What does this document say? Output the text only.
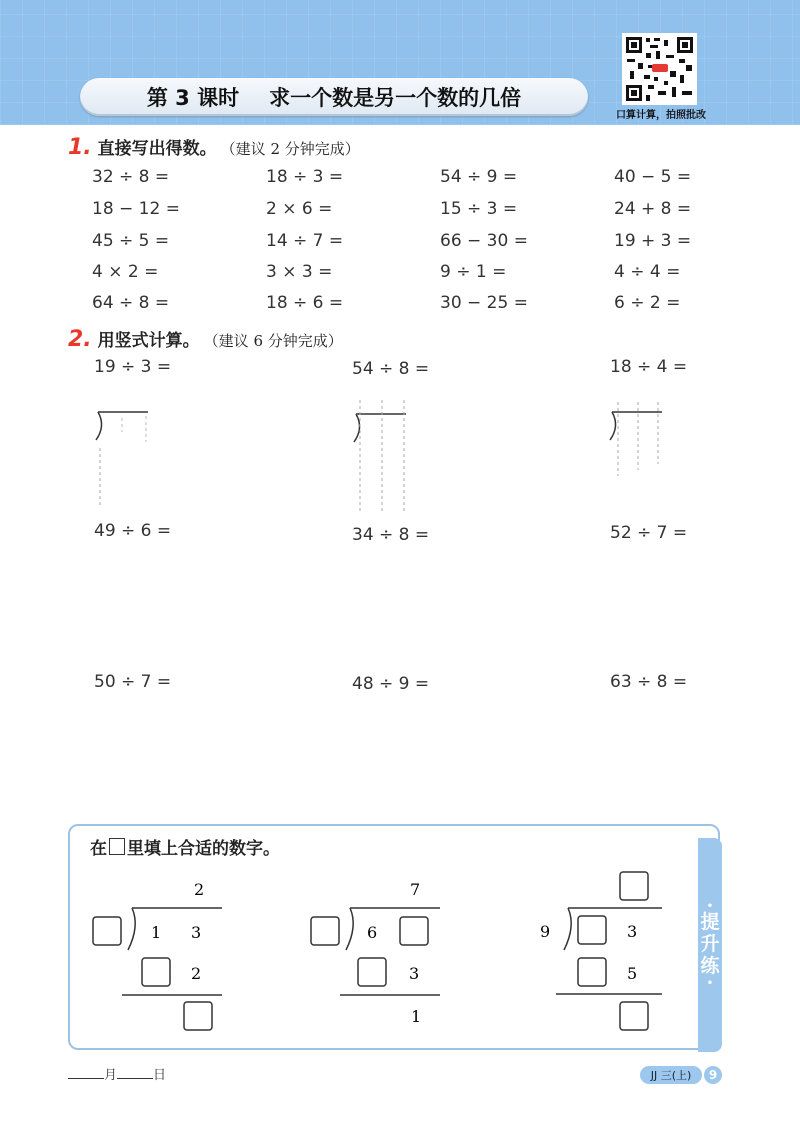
第 3 课时 求一个数是另一个数的几倍
口算计算，拍照批改
1. 直接写出得数。 （建议 2 分钟完成）
32 ÷ 8 =	18 ÷ 3 =	54 ÷ 9 =	40 − 5 =
18 − 12 =	2 × 6 =	15 ÷ 3 =	24 + 8 =
45 ÷ 5 =	14 ÷ 7 =	66 − 30 =	19 + 3 =
4 × 2 =	3 × 3 =	9 ÷ 1 =	4 ÷ 4 =
64 ÷ 8 =	18 ÷ 6 =	30 − 25 =	6 ÷ 2 =
2. 用竖式计算。 （建议 6 分钟完成）
19 ÷ 3 =	54 ÷ 8 =	18 ÷ 4 =
49 ÷ 6 =	34 ÷ 8 =	52 ÷ 7 =
50 ÷ 7 =	48 ÷ 9 =	63 ÷ 8 =
•
提
升
练
•
在 里填上合适的数字。
2
1 3
2
7
6
3
1
9	3
5
月	日	JJ 三(上)	9
